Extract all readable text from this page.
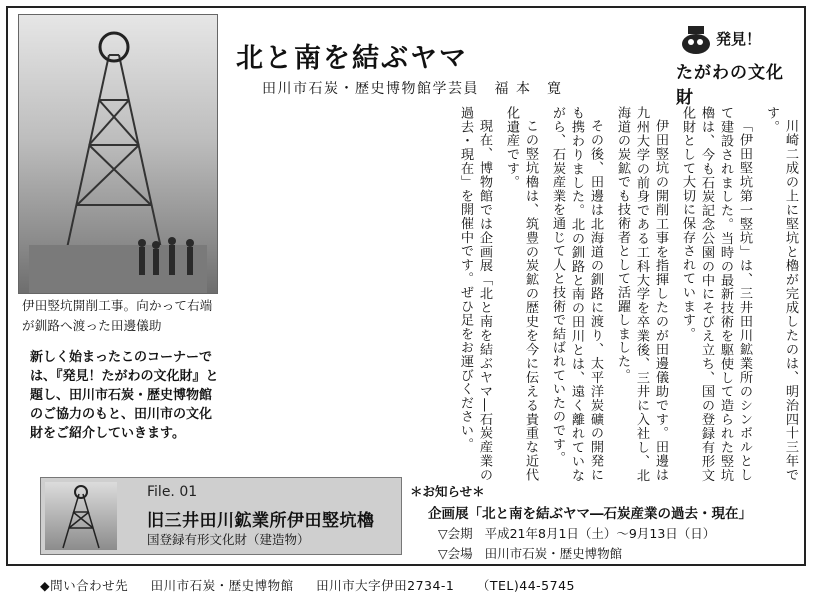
伊田竪坑開削工事。向かって右端が釧路へ渡った田邊儀助
新しく始まったこのコーナーでは、『発見！たがわの文化財』と題し、田川市石炭・歴史博物館のご協力のもと、田川市の文化財をご紹介していきます。
北と南を結ぶヤマ
田川市石炭・歴史博物館学芸員　福 本　寛
発見！
たがわの文化財

川崎二成の上に堅坑と櫓が完成したのは、明治四十三年です。

「伊田堅坑第一竪坑」は、三井田川鉱業所のシンボルとして建設されました。当時の最新技術を駆使して造られた竪坑櫓は、今も石炭記念公園の中にそびえ立ち、国の登録有形文化財として大切に保存されています。

伊田竪坑の開削工事を指揮したのが田邊儀助です。田邊は九州大学の前身である工科大学を卒業後、三井に入社し、北海道の炭鉱でも技術者として活躍しました。

その後、田邊は北海道の釧路に渡り、太平洋炭礦の開発にも携わりました。北の釧路と南の田川とは、遠く離れていながら、石炭産業を通じて人と技術で結ばれていたのです。

この竪坑櫓は、筑豊の炭鉱の歴史を今に伝える貴重な近代化遺産です。

現在、博物館では企画展「北と南を結ぶヤマ―石炭産業の過去・現在」を開催中です。ぜひ足をお運びください。

File. 01
旧三井田川鉱業所伊田竪坑櫓
国登録有形文化財（建造物）
＊お知らせ＊
企画展「北と南を結ぶヤマ―石炭産業の過去・現在」
▽会期 平成21年8月1日（土）～9月13日（日）
▽会場 田川市石炭・歴史博物館
◆問い合わせ先 田川市石炭・歴史博物館 田川市大字伊田2734-1 （TEL)44-5745
